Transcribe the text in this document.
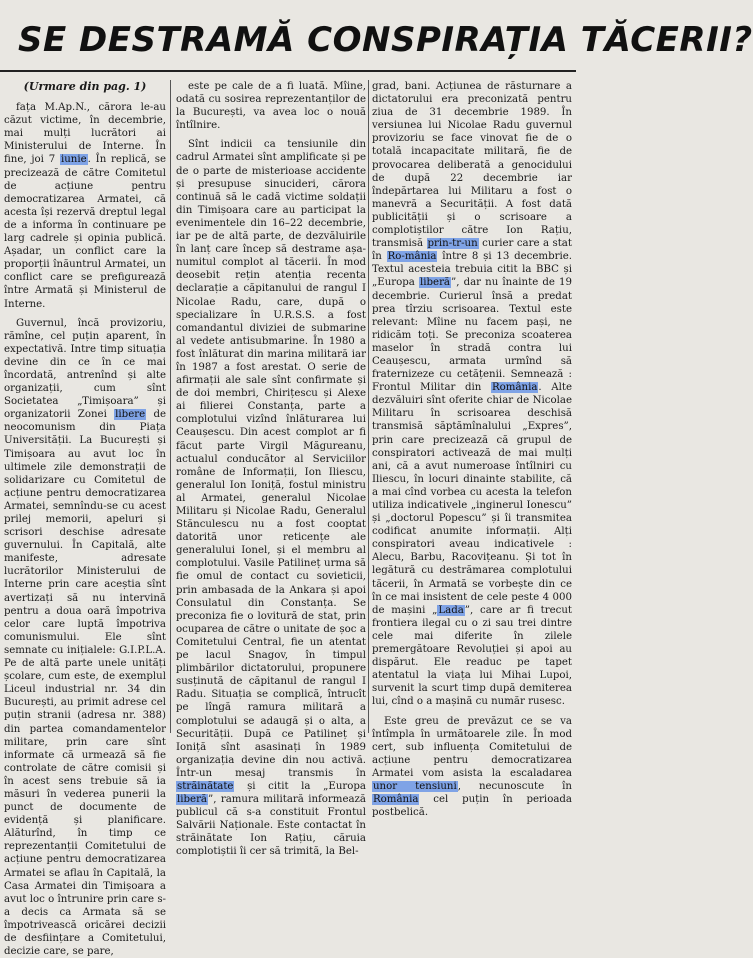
SE DESTRAMĂ CONSPIRAȚIA TĂCERII?
(Urmare din pag. 1)

fața M.Ap.N., cărora le-au căzut victime, în decembrie, mai mulți lucrători ai Ministerului de Interne. În fine, joi 7 iunie. În replică, se precizează de către Comitetul de acțiune pentru democratizarea Armatei, că acesta își rezervă dreptul legal de a informa în continuare pe larg cadrele și opinia publică. Așadar, un conflict care la proporții înăuntrul Armatei, un conflict care se prefigurează între Armată și Ministerul de Interne.

Guvernul, încă provizoriu, rămîne, cel puțin aparent, în expectativă. Intre timp situația devine din ce în ce mai încordată, antrenînd și alte organizații, cum sînt Societatea „Timișoara” și organizatorii Zonei libere de neocomunism din Piața Universității. La București și Timișoara au avut loc în ultimele zile demonstrații de solidarizare cu Comitetul de acțiune pentru democratizarea Armatei, semnîndu-se cu acest prilej memorii, apeluri și scrisori deschise adresate guvernului. În Capitală, alte manifeste, adresate lucrătorilor Ministerului de Interne prin care aceștia sînt avertizați să nu intervină pentru a doua oară împotriva celor care luptă împotriva comunismului. Ele sînt semnate cu inițialele: G.I.P.L.A. Pe de altă parte unele unități școlare, cum este, de exemplul Liceul industrial nr. 34 din București, au primit adrese cel puțin stranii (adresa nr. 388) din partea comandamentelor militare, prin care sînt informate că urmează să fie controlate de către comisii și în acest sens trebuie să ia măsuri în vederea punerii la punct de documente de evidență și planificare. Alăturînd, în timp ce reprezentanții Comitetului de acțiune pentru democratizarea Armatei se aflau în Capitală, la Casa Armatei din Timișoara a avut loc o întrunire prin care s-a decis ca Armata să se împotrivească oricărei decizii de desființare a Comitetului, decizie care, se pare,

este pe cale de a fi luată. Mîine, odată cu sosirea reprezentanților de la București, va avea loc o nouă întîlnire.

Sînt indicii ca tensiunile din cadrul Armatei sînt amplificate și pe de o parte de misterioase accidente și presupuse sinucideri, cărora continuă să le cadă victime soldații din Timișoara care au participat la evenimentele din 16–22 decembrie, iar pe de altă parte, de dezvăluirile în lanț care încep să destrame așa-numitul complot al tăcerii. În mod deosebit rețin atenția recenta declarație a căpitanului de rangul I Nicolae Radu, care, după o specializare în U.R.S.S. a fost comandantul diviziei de submarine al vedete antisubmarine. În 1980 a fost înlăturat din marina militară iar în 1987 a fost arestat. O serie de afirmații ale sale sînt confirmate și de doi membri, Chirițescu și Alexe ai filierei Constanța, parte a complotului vizînd înlăturarea lui Ceaușescu. Din acest complot ar fi făcut parte Virgil Măgureanu, actualul conducător al Serviciilor române de Informații, Ion Iliescu, generalul Ion Ioniță, fostul ministru al Armatei, generalul Nicolae Militaru și Nicolae Radu, Generalul Stănculescu nu a fost cooptat datorită unor reticențe ale generalului Ionel, și el membru al complotului. Vasile Patilineț urma să fie omul de contact cu sovieticii, prin ambasada de la Ankara și apoi Consulatul din Constanța. Se preconiza fie o lovitură de stat, prin ocuparea de către o unitate de șoc a Comitetului Central, fie un atentat pe lacul Snagov, în timpul plimbărilor dictatorului, propunere susținută de căpitanul de rangul I Radu. Situația se complică, întrucît pe lîngă ramura militară a complotului se adaugă și o alta, a Securității. După ce Patilineț și Ioniță sînt asasinați în 1989 organizația devine din nou activă. Într-un mesaj transmis în străinătate și citit la „Europa liberă”, ramura militară informează publicul că s-a constituit Frontul Salvării Naționale. Este contactat în străinătate Ion Rațiu, căruia complotiștii îi cer să trimită, la Bel-

grad, bani. Acțiunea de răsturnare a dictatorului era preconizată pentru ziua de 31 decembrie 1989. În versiunea lui Nicolae Radu guvernul provizoriu se face vinovat fie de o totală incapacitate militară, fie de provocarea deliberată a genocidului de după 22 decembrie iar îndepărtarea lui Militaru a fost o manevră a Securității. A fost dată publicității și o scrisoare a complotiștilor către Ion Rațiu, transmisă prin-tr-un curier care a stat în Ro-mânia între 8 și 13 decembrie. Textul acesteia trebuia citit la BBC și „Europa liberă”, dar nu înainte de 19 decembrie. Curierul însă a predat prea tîrziu scrisoarea. Textul este relevant: Mîine nu facem pași, ne ridicăm toți. Se preconiza scoaterea maselor în stradă contra lui Ceaușescu, armata urmînd să fraternizeze cu cetățenii. Semnează : Frontul Militar din România. Alte dezvăluiri sînt oferite chiar de Nicolae Militaru în scrisoarea deschisă transmisă săptămînalului „Expres”, prin care precizează că grupul de conspiratori activează de mai mulți ani, că a avut numeroase întîlniri cu Iliescu, în locuri dinainte stabilite, că a mai cînd vorbea cu acesta la telefon utiliza indicativele „inginerul Ionescu” și „doctorul Popescu” și îi transmitea codificat anumite informații. Alți conspiratori aveau indicativele : Alecu, Barbu, Racovițeanu. Și tot în legătură cu destrămarea complotului tăcerii, în Armată se vorbește din ce în ce mai insistent de cele peste 4 000 de mașini „Lada”, care ar fi trecut frontiera ilegal cu o zi sau trei dintre cele mai diferite în zilele premergătoare Revoluției și apoi au dispărut. Ele readuc pe tapet atentatul la viața lui Mihai Lupoi, survenit la scurt timp după demiterea lui, cînd o a mașină cu număr rusesc.

Este greu de prevăzut ce se va întîmpla în următoarele zile. În mod cert, sub influența Comitetului de acțiune pentru democratizarea Armatei vom asista la escaladarea unor tensiuni, necunoscute în România cel puțin în perioada postbelică.
